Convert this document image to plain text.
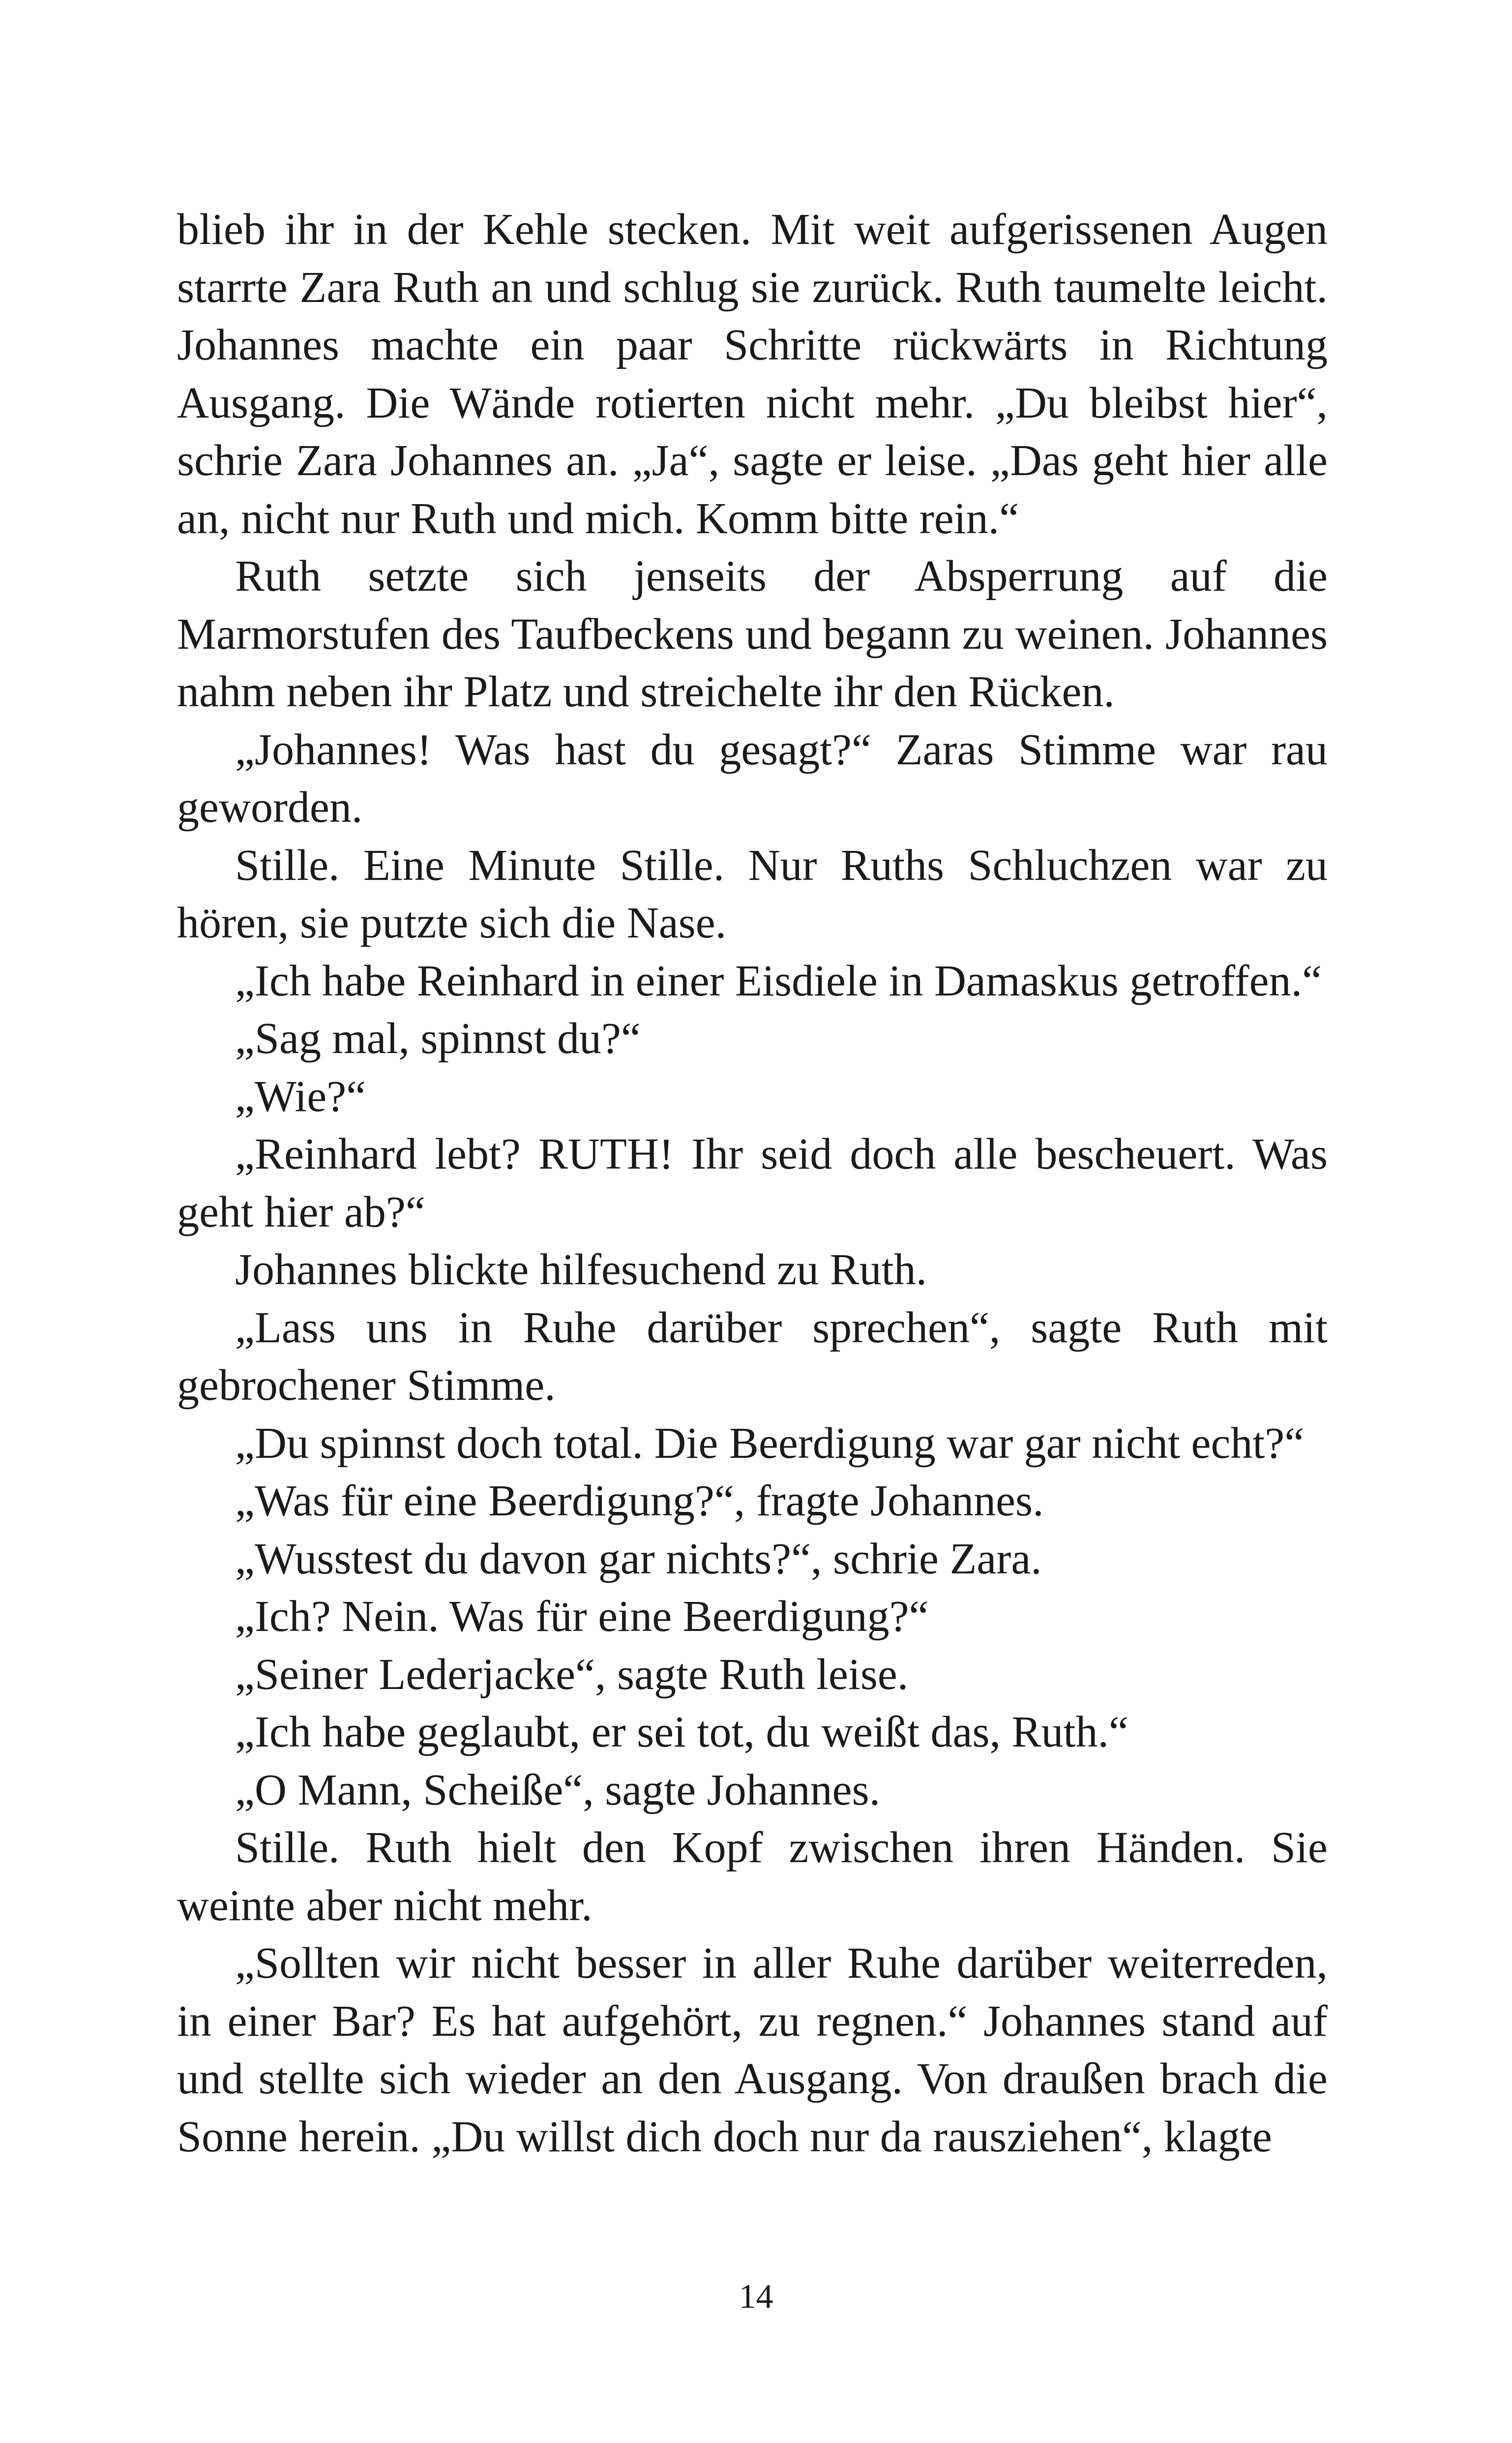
blieb ihr in der Kehle stecken. Mit weit aufgerissenen Augen starrte Zara Ruth an und schlug sie zurück. Ruth taumelte leicht. Johannes machte ein paar Schritte rückwärts in Richtung Ausgang. Die Wände rotierten nicht mehr. „Du bleibst hier“, schrie Zara Johannes an. „Ja“, sagte er leise. „Das geht hier alle an, nicht nur Ruth und mich. Komm bitte rein.“

Ruth setzte sich jenseits der Absperrung auf die Marmorstufen des Taufbeckens und begann zu weinen. Johannes nahm neben ihr Platz und streichelte ihr den Rücken.

„Johannes! Was hast du gesagt?“ Zaras Stimme war rau geworden.

Stille. Eine Minute Stille. Nur Ruths Schluchzen war zu hören, sie putzte sich die Nase.

„Ich habe Reinhard in einer Eisdiele in Damaskus getroffen.“

„Sag mal, spinnst du?“

„Wie?“

„Reinhard lebt? RUTH! Ihr seid doch alle bescheuert. Was geht hier ab?“

Johannes blickte hilfesuchend zu Ruth.

„Lass uns in Ruhe darüber sprechen“, sagte Ruth mit gebrochener Stimme.

„Du spinnst doch total. Die Beerdigung war gar nicht echt?“

„Was für eine Beerdigung?“, fragte Johannes.

„Wusstest du davon gar nichts?“, schrie Zara.

„Ich? Nein. Was für eine Beerdigung?“

„Seiner Lederjacke“, sagte Ruth leise.

„Ich habe geglaubt, er sei tot, du weißt das, Ruth.“

„O Mann, Scheiße“, sagte Johannes.

Stille. Ruth hielt den Kopf zwischen ihren Händen. Sie weinte aber nicht mehr.

„Sollten wir nicht besser in aller Ruhe darüber weiterreden, in einer Bar? Es hat aufgehört, zu regnen.“ Johannes stand auf und stellte sich wieder an den Ausgang. Von draußen brach die Sonne herein. „Du willst dich doch nur da rausziehen“, klagte

14
